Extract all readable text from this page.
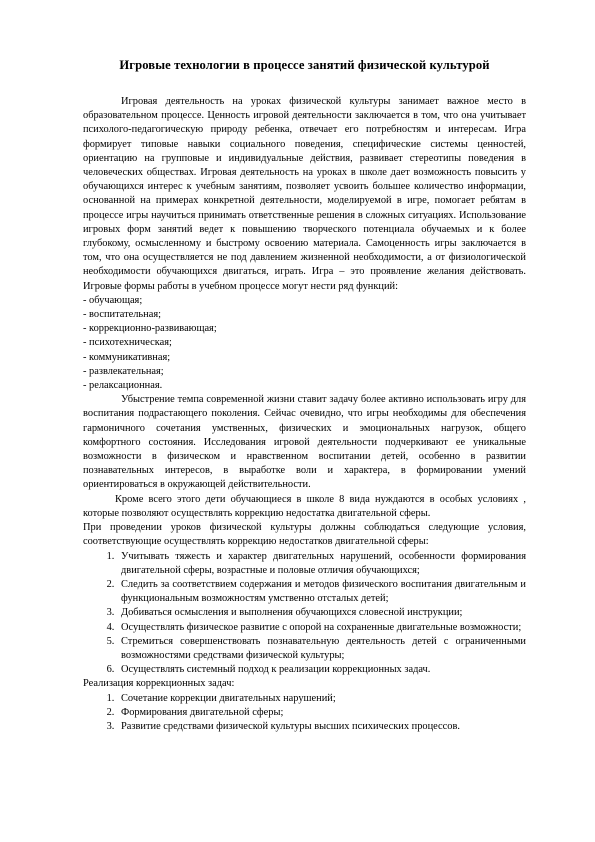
Игровые технологии в процессе занятий физической культурой

Игровая деятельность на уроках физической культуры занимает важное место в образовательном процессе. Ценность игровой деятельности заключается в том, что она учитывает психолого-педагогическую природу ребенка, отвечает его потребностям и интересам. Игра формирует типовые навыки социального поведения, специфические системы ценностей, ориентацию на групповые и индивидуальные действия, развивает стереотипы поведения в человеческих обществах. Игровая деятельность на уроках в школе дает возможность повысить у обучающихся интерес к учебным занятиям, позволяет усвоить большее количество информации, основанной на примерах конкретной деятельности, моделируемой в игре, помогает ребятам в процессе игры научиться принимать ответственные решения в сложных ситуациях. Использование игровых форм занятий ведет к повышению творческого потенциала обучаемых и к более глубокому, осмысленному и быстрому освоению материала. Самоценность игры заключается в том, что она осуществляется не под давлением жизненной необходимости, а от физиологической необходимости обучающихся двигаться, играть. Игра – это проявление желания действовать. Игровые формы работы в учебном процессе могут нести ряд функций:

- обучающая;
- воспитательная;
- коррекционно-развивающая;
- психотехническая;
- коммуникативная;
- развлекательная;
- релаксационная.

Убыстрение темпа современной жизни ставит задачу более активно использовать игру для воспитания подрастающего поколения. Сейчас очевидно, что игры необходимы для обеспечения гармоничного сочетания умственных, физических и эмоциональных нагрузок, общего комфортного состояния. Исследования игровой деятельности подчеркивают ее уникальные возможности в физическом и нравственном воспитании детей, особенно в развитии познавательных интересов, в выработке воли и характера, в формировании умений ориентироваться в окружающей действительности.

Кроме всего этого дети обучающиеся в школе 8 вида нуждаются в особых условиях , которые позволяют осуществлять коррекцию недостатка двигательной сферы.

При проведении уроков физической культуры должны соблюдаться следующие условия, соответствующие осуществлять коррекцию недостатков двигательной сферы:

1. Учитывать тяжесть и характер двигательных нарушений, особенности формирования двигательной сферы, возрастные и половые отличия обучающихся;
2. Следить за соответствием содержания и методов физического воспитания двигательным и функциональным возможностям умственно отсталых детей;
3. Добиваться осмысления и выполнения обучающихся словесной инструкции;
4. Осуществлять физическое развитие с опорой на сохраненные двигательные возможности;
5. Стремиться совершенствовать познавательную деятельность детей с ограниченными возможностями средствами физической культуры;
6. Осуществлять системный подход к реализации коррекционных задач.

Реализация коррекционных задач:

1. Сочетание коррекции двигательных нарушений;
2. Формирования двигательной сферы;
3. Развитие средствами физической культуры высших психических процессов.
